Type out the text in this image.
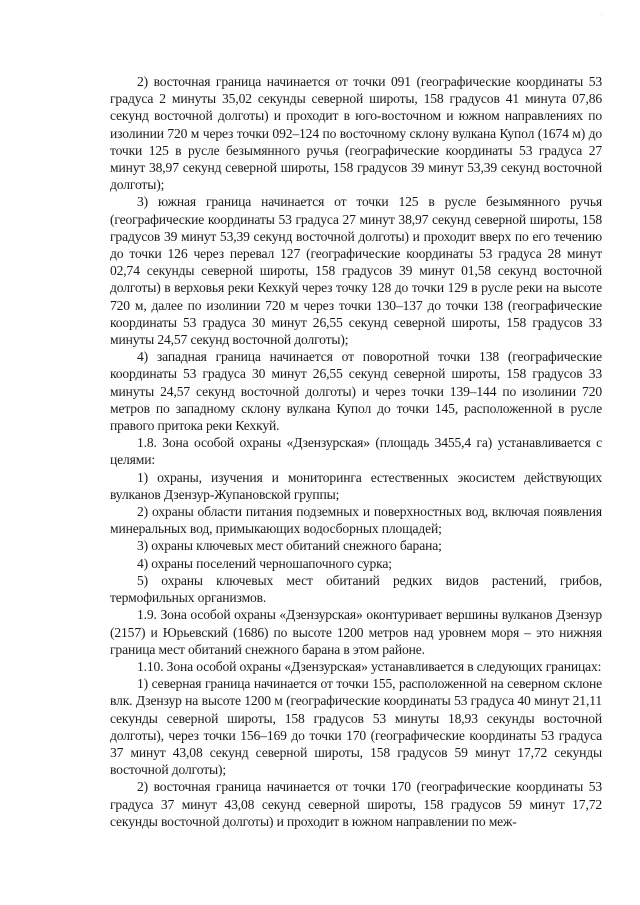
·

2) восточная граница начинается от точки 091 (географические координаты 53 градуса 2 минуты 35,02 секунды северной широты, 158 градусов 41 минута 07,86 секунд восточной долготы) и проходит в юго-восточном и южном направлениях по изолинии 720 м через точки 092–124 по восточному склону вулкана Купол (1674 м) до точки 125 в русле безымянного ручья (географические координаты 53 градуса 27 минут 38,97 секунд северной широты, 158 градусов 39 минут 53,39 секунд восточной долготы);

3) южная граница начинается от точки 125 в русле безымянного ручья (географические координаты 53 градуса 27 минут 38,97 секунд северной широты, 158 градусов 39 минут 53,39 секунд восточной долготы) и проходит вверх по его течению до точки 126 через перевал 127 (географические координаты 53 градуса 28 минут 02,74 секунды северной широты, 158 градусов 39 минут 01,58 секунд восточной долготы) в верховья реки Кехкуй через точку 128 до точки 129 в русле реки на высоте 720 м, далее по изолинии 720 м через точки 130–137 до точки 138 (географические координаты 53 градуса 30 минут 26,55 секунд северной широты, 158 градусов 33 минуты 24,57 секунд восточной долготы);

4) западная граница начинается от поворотной точки 138 (географические координаты 53 градуса 30 минут 26,55 секунд северной широты, 158 градусов 33 минуты 24,57 секунд восточной долготы) и через точки 139–144 по изолинии 720 метров по западному склону вулкана Купол до точки 145, расположенной в русле правого притока реки Кехкуй.

1.8. Зона особой охраны «Дзензурская» (площадь 3455,4 га) устанавливается с целями:

1) охраны, изучения и мониторинга естественных экосистем действующих вулканов Дзензур-Жупановской группы;

2) охраны области питания подземных и поверхностных вод, включая появления минеральных вод, примыкающих водосборных площадей;

3) охраны ключевых мест обитаний снежного барана;

4) охраны поселений черношапочного сурка;

5) охраны ключевых мест обитаний редких видов растений, грибов, термофильных организмов.

1.9. Зона особой охраны «Дзензурская» оконтуривает вершины вулканов Дзензур (2157) и Юрьевский (1686) по высоте 1200 метров над уровнем моря – это нижняя граница мест обитаний снежного барана в этом районе.

1.10. Зона особой охраны «Дзензурская» устанавливается в следующих границах:

1) северная граница начинается от точки 155, расположенной на северном склоне влк. Дзензур на высоте 1200 м (географические координаты 53 градуса 40 минут 21,11 секунды северной широты, 158 градусов 53 минуты 18,93 секунды восточной долготы), через точки 156–169 до точки 170 (географические координаты 53 градуса 37 минут 43,08 секунд северной широты, 158 градусов 59 минут 17,72 секунды восточной долготы);

2) восточная граница начинается от точки 170 (географические координаты 53 градуса 37 минут 43,08 секунд северной широты, 158 градусов 59 минут 17,72 секунды восточной долготы) и проходит в южном направлении по меж-
